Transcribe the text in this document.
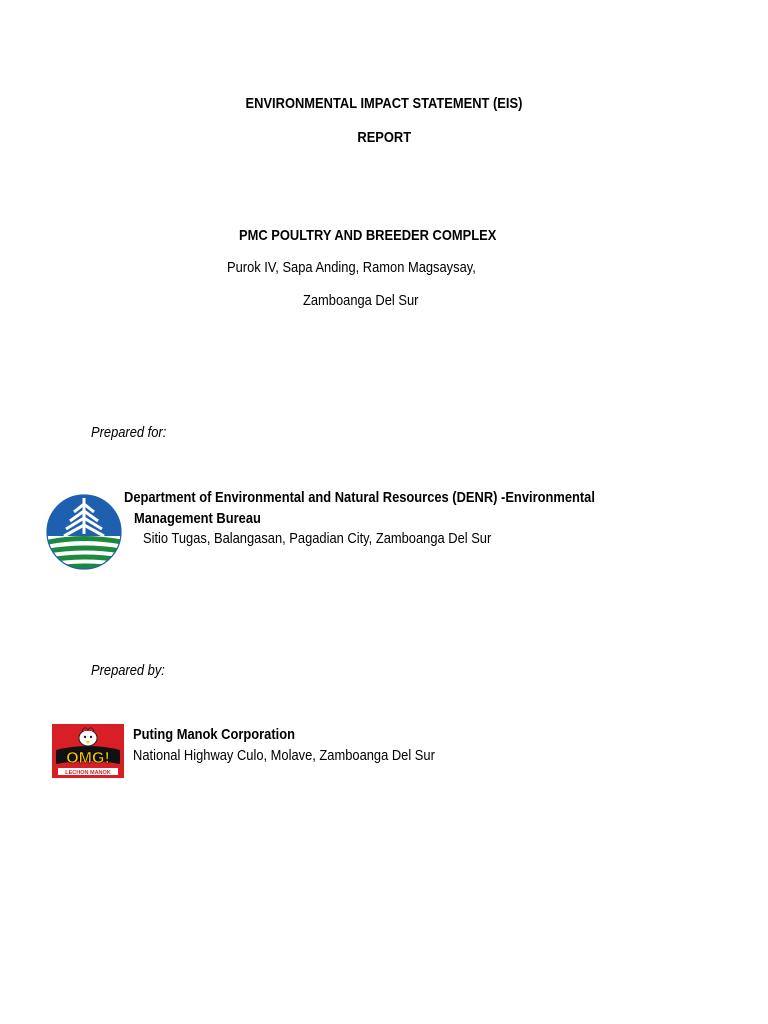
ENVIRONMENTAL IMPACT STATEMENT (EIS)
REPORT
PMC POULTRY AND BREEDER COMPLEX
Purok IV, Sapa Anding, Ramon Magsaysay,
Zamboanga Del Sur
Prepared for:
Department of Environmental and Natural Resources (DENR) -Environmental
Management Bureau
Sitio Tugas, Balangasan, Pagadian City, Zamboanga Del Sur
Prepared by:
OMG!
LECHON MANOK
Puting Manok Corporation
National Highway Culo, Molave, Zamboanga Del Sur
